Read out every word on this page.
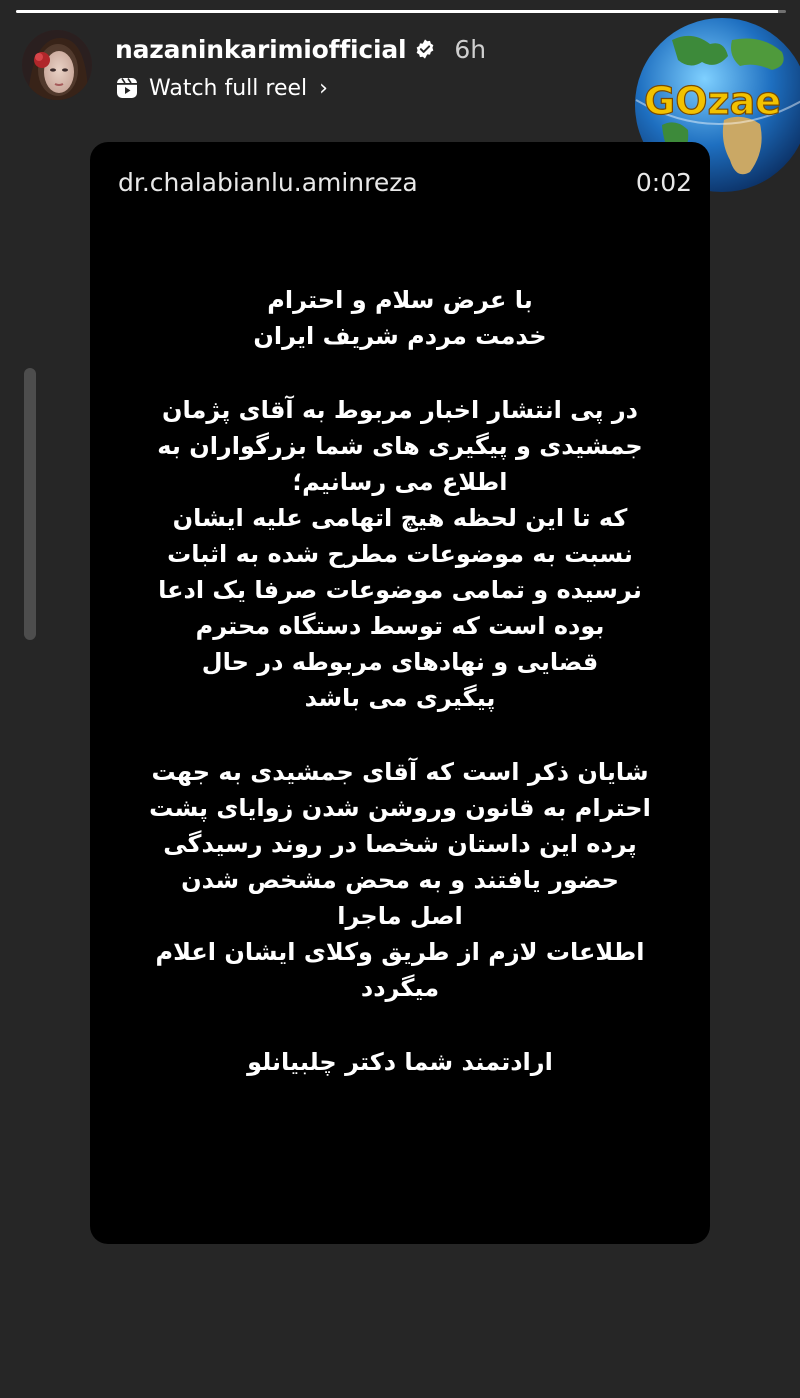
nazaninkarimiofficial 6h
Watch full reel ›	GOzae
dr.chalabianlu.aminreza	0:02
با عرض سلام و احترام
خدمت مردم شریف ایران
در پی انتشار اخبار مربوط به آقای پژمان
جمشیدی و پیگیری های شما بزرگواران به
اطلاع می رسانیم؛
که تا این لحظه هیچ اتهامی علیه ایشان
نسبت به موضوعات مطرح شده به اثبات
نرسیده و تمامی موضوعات صرفا یک ادعا
بوده است که توسط دستگاه محترم
قضایی و نهادهای مربوطه در حال
پیگیری می باشد
شایان ذکر است که آقای جمشیدی به جهت
احترام به قانون وروشن شدن زوایای پشت
پرده این داستان شخصا در روند رسیدگی
حضور یافتند و به محض مشخص شدن
اصل ماجرا
اطلاعات لازم از طریق وکلای ایشان اعلام
میگردد
ارادتمند شما دکتر چلبیانلو
